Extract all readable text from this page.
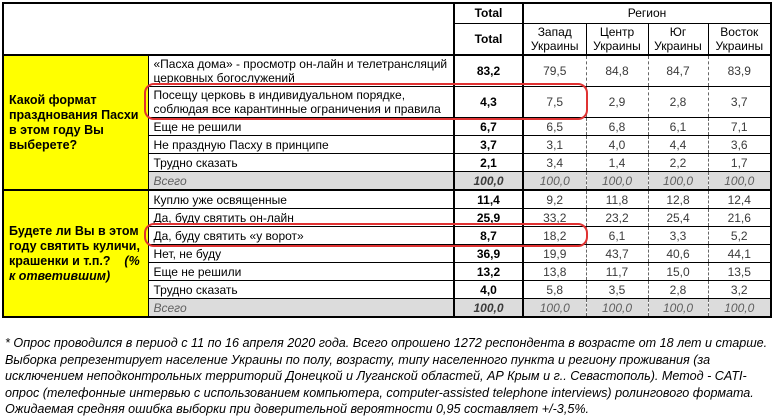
		Total	Регион			
		Total	Запад Украины	Центр Украины	Юг Украины	Восток Украины
Какой формат празднования Пасхи в этом году Вы выберете?	«Пасха дома» - просмотр он-лайн и телетрансляций церковных богослужений	83,2	79,5	84,8	84,7	83,9
	Посещу церковь в индивидуальном порядке, соблюдая все карантинные ограничения и правила	4,3	7,5	2,9	2,8	3,7
	Еще не решили	6,7	6,5	6,8	6,1	7,1
	Не праздную Пасху в принципе	3,7	3,1	4,0	4,4	3,6
	Трудно сказать	2,1	3,4	1,4	2,2	1,7
	Всего	100,0	100,0	100,0	100,0	100,0
Будете ли Вы в этом году святить куличи, крашенки и т.п.? (% к ответившим)	Куплю уже освященные	11,4	9,2	11,8	12,8	12,4
	Да, буду святить он-лайн	25,9	33,2	23,2	25,4	21,6
	Да, буду святить «у ворот»	8,7	18,2	6,1	3,3	5,2
	Нет, не буду	36,9	19,9	43,7	40,6	44,1
	Еще не решили	13,2	13,8	11,7	15,0	13,5
	Трудно сказать	4,0	5,8	3,5	2,8	3,2
	Всего	100,0	100,0	100,0	100,0	100,0
* Опрос проводился в период с 11 по 16 апреля 2020 года. Всего опрошено 1272 респондента в возрасте от 18 лет и старше. Выборка репрезентирует население Украины по полу, возрасту, типу населенного пункта и региону проживания (за исключением неподконтрольных территорий Донецкой и Луганской областей, АР Крым и г.. Севастополь). Метод - CATI-опрос (телефонные интервью с использованием компьютера, computer-assisted telephone interviews) ролингового формата. Ожидаемая средняя ошибка выборки при доверительной вероятности 0,95 составляет +/-3,5%.
